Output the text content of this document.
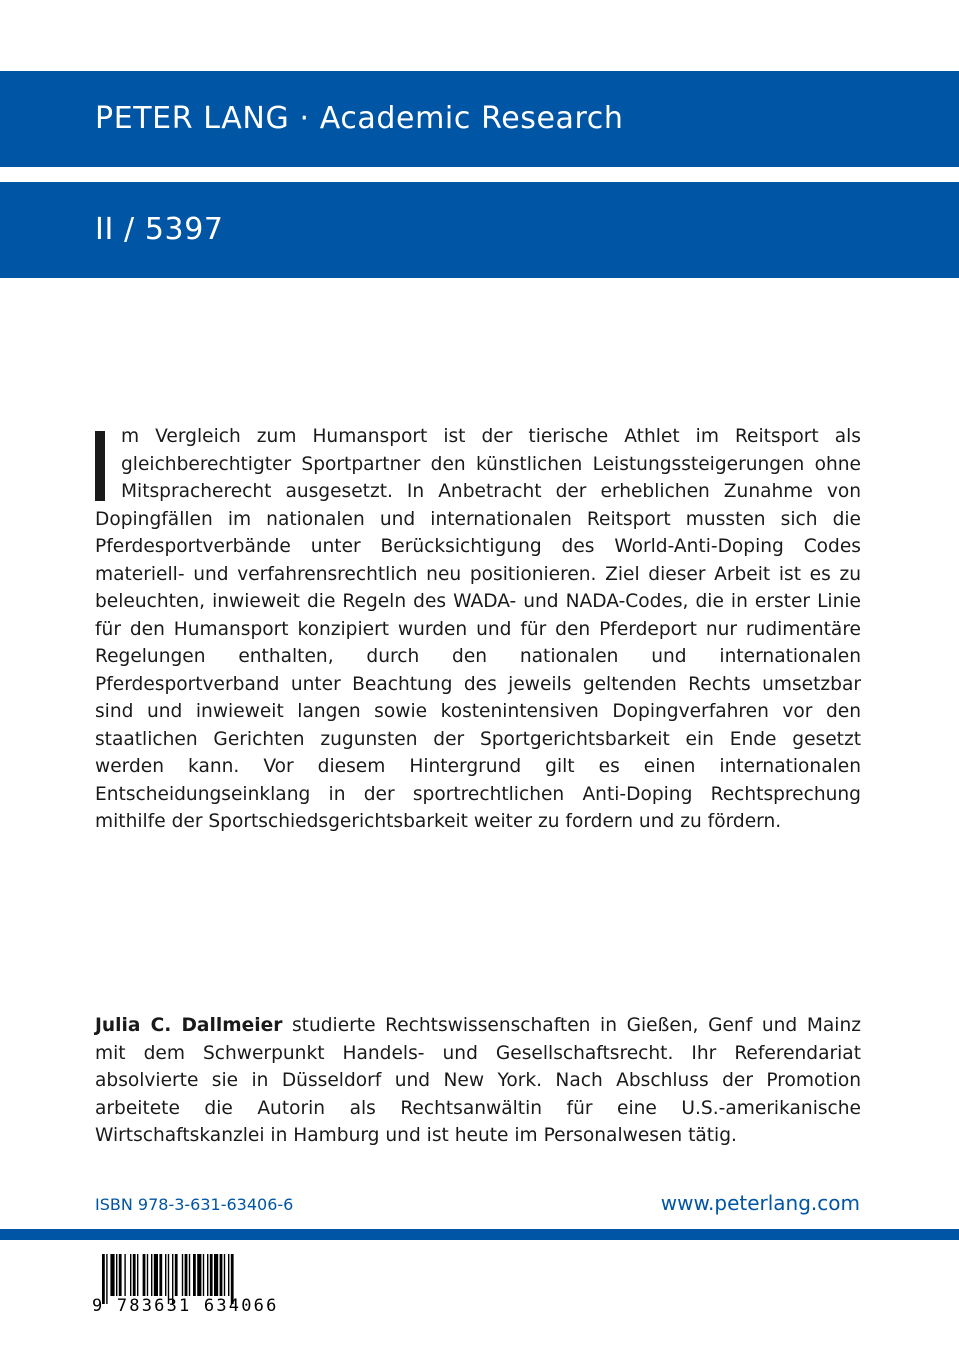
PETER LANG · Academic Research
II / 5397

m Vergleich zum Humansport ist der tierische Athlet im Reitsport als gleichberechtigter Sportpartner den künstlichen Leistungssteigerungen ohne Mitspracherecht ausgesetzt. In Anbetracht der erheblichen Zunahme von Dopingfällen im nationalen und internationalen Reitsport mussten sich die Pferdesportverbände unter Berücksichtigung des World-Anti-Doping Codes materiell- und verfahrensrechtlich neu positionieren. Ziel dieser Arbeit ist es zu beleuchten, inwieweit die Regeln des WADA- und NADA-Codes, die in erster Linie für den Humansport konzipiert wurden und für den Pferdeport nur rudimentäre Regelungen enthalten, durch den nationalen und internationalen Pferdesportverband unter Beachtung des jeweils geltenden Rechts umsetzbar sind und inwieweit langen sowie kostenintensiven Dopingverfahren vor den staatlichen Gerichten zugunsten der Sportgerichtsbarkeit ein Ende gesetzt werden kann. Vor diesem Hintergrund gilt es einen internationalen Entscheidungseinklang in der sportrechtlichen Anti-Doping Rechtsprechung mithilfe der Sportschiedsgerichtsbarkeit weiter zu fordern und zu fördern.

Julia C. Dallmeier studierte Rechtswissenschaften in Gießen, Genf und Mainz mit dem Schwerpunkt Handels- und Gesellschaftsrecht. Ihr Referendariat absolvierte sie in Düsseldorf und New York. Nach Abschluss der Promotion arbeitete die Autorin als Rechtsanwältin für eine U.S.-amerikanische Wirtschaftskanzlei in Hamburg und ist heute im Personalwesen tätig.

ISBN 978-3-631-63406-6	www.peterlang.com
9 783631 634066
